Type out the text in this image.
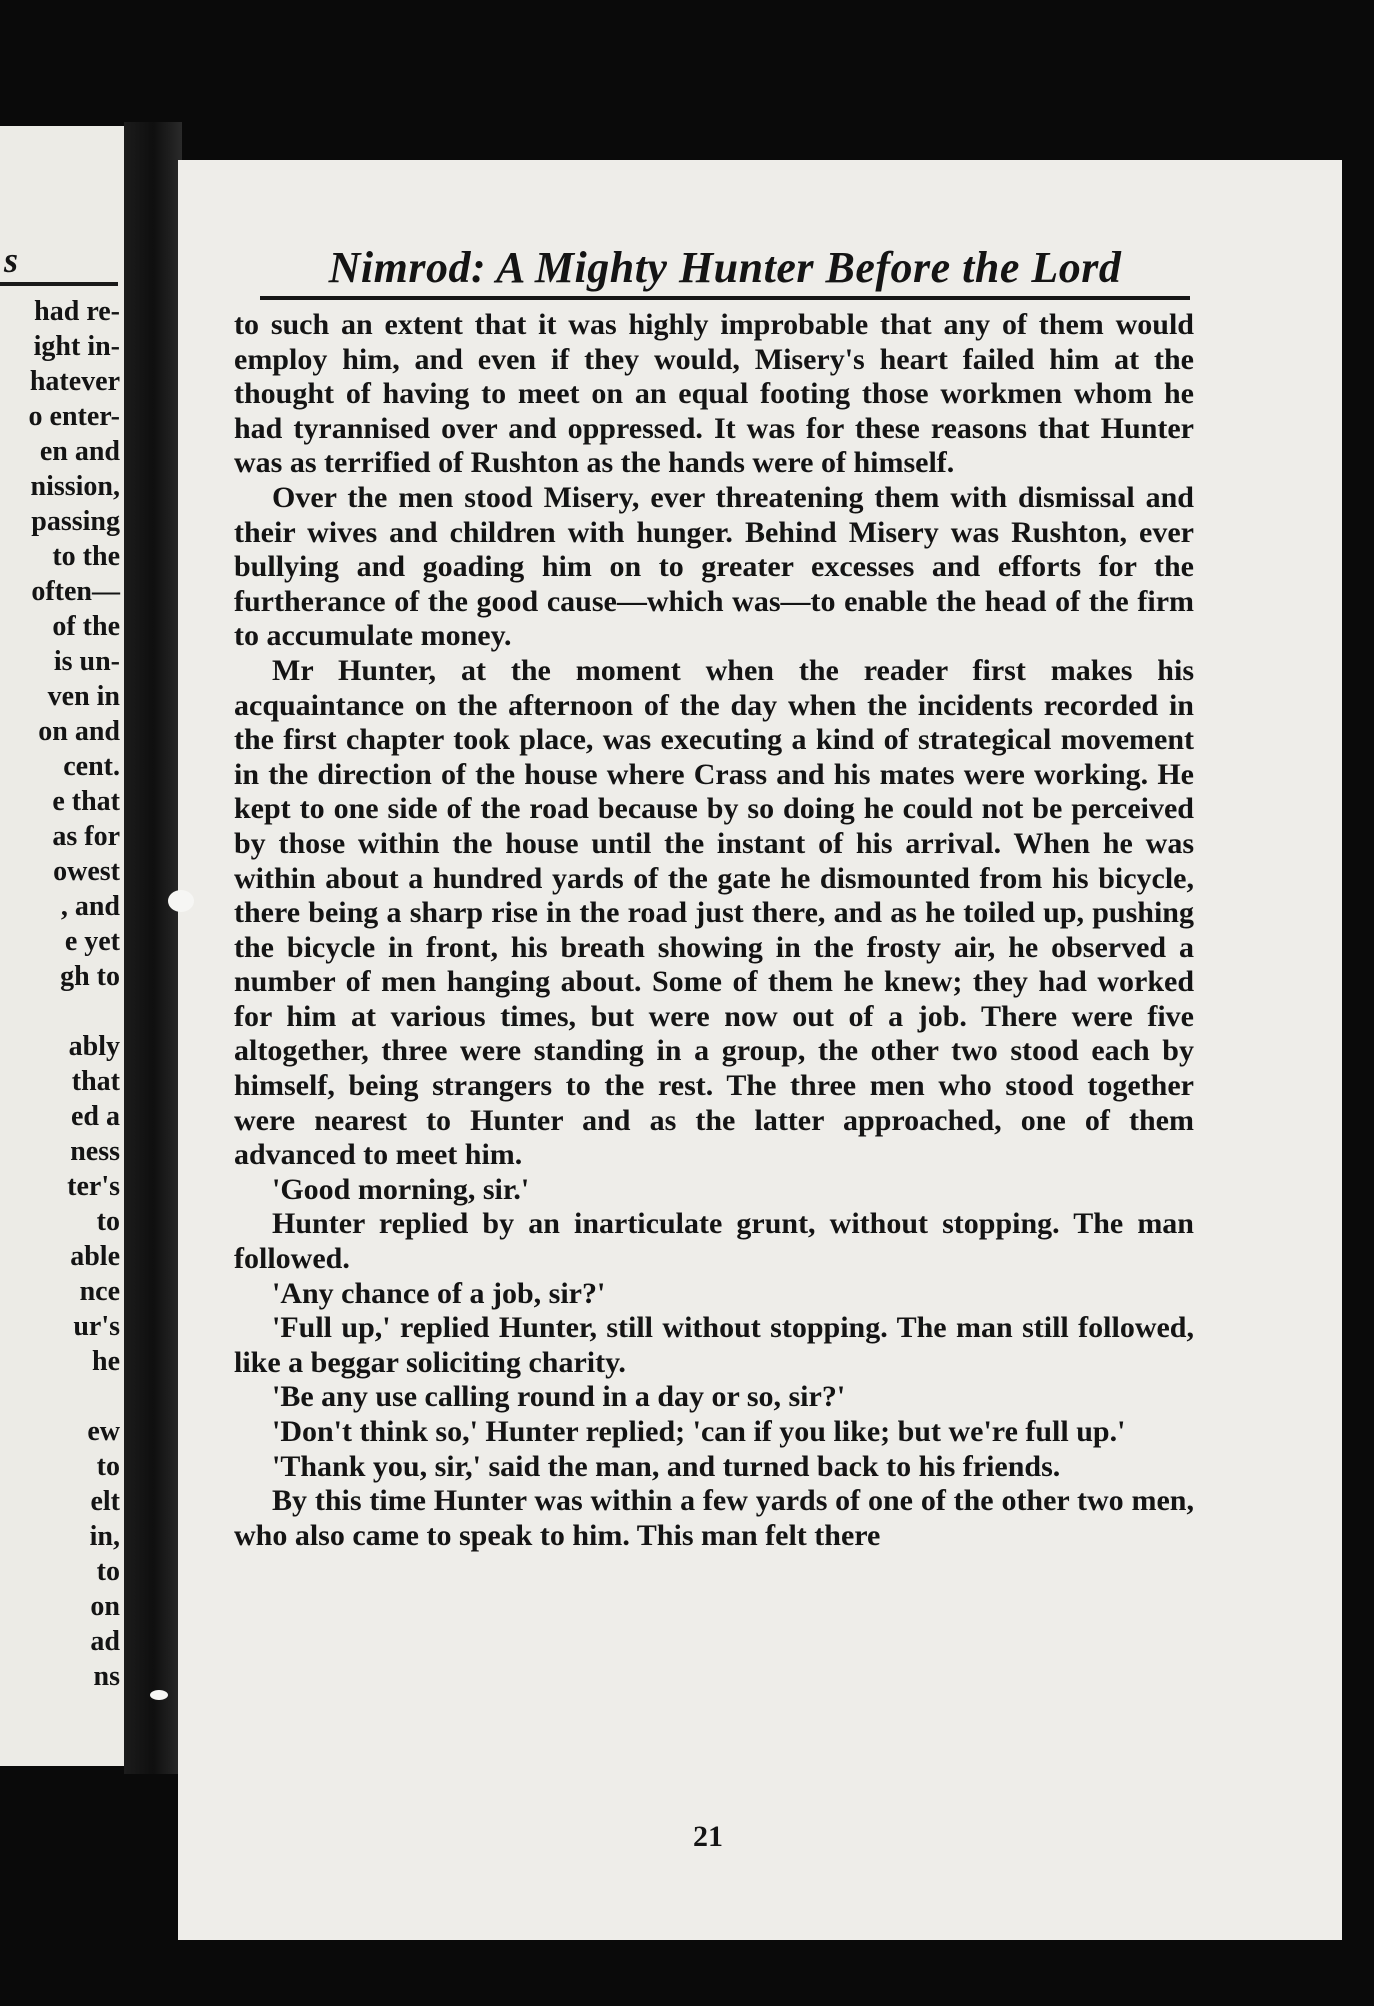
s
had re-
ight in-
hatever
o enter-
en and
nission,
passing
to the
often—
of the
is un-
ven in
on and
cent.
e that
as for
owest
, and
e yet
gh to
ably
that
ed a
ness
ter's
to
able
nce
ur's
he
ew
to
elt
in,
to
on
ad
ns
Nimrod: A Mighty Hunter Before the Lord

to such an extent that it was highly improbable that any of them would employ him, and even if they would, Misery's heart failed him at the thought of having to meet on an equal footing those workmen whom he had tyrannised over and oppressed. It was for these reasons that Hunter was as terrified of Rushton as the hands were of himself.

Over the men stood Misery, ever threatening them with dismissal and their wives and children with hunger. Behind Misery was Rushton, ever bullying and goading him on to greater excesses and efforts for the furtherance of the good cause—which was—to enable the head of the firm to accumulate money.

Mr Hunter, at the moment when the reader first makes his acquaintance on the afternoon of the day when the incidents recorded in the first chapter took place, was executing a kind of strategical movement in the direction of the house where Crass and his mates were working. He kept to one side of the road because by so doing he could not be perceived by those within the house until the instant of his arrival. When he was within about a hundred yards of the gate he dismounted from his bicycle, there being a sharp rise in the road just there, and as he toiled up, pushing the bicycle in front, his breath showing in the frosty air, he observed a number of men hanging about. Some of them he knew; they had worked for him at various times, but were now out of a job. There were five altogether, three were standing in a group, the other two stood each by himself, being strangers to the rest. The three men who stood together were nearest to Hunter and as the latter approached, one of them advanced to meet him.

'Good morning, sir.'

Hunter replied by an inarticulate grunt, without stopping. The man followed.

'Any chance of a job, sir?'

'Full up,' replied Hunter, still without stopping. The man still followed, like a beggar soliciting charity.

'Be any use calling round in a day or so, sir?'

'Don't think so,' Hunter replied; 'can if you like; but we're full up.'

'Thank you, sir,' said the man, and turned back to his friends.

By this time Hunter was within a few yards of one of the other two men, who also came to speak to him. This man felt there

21
